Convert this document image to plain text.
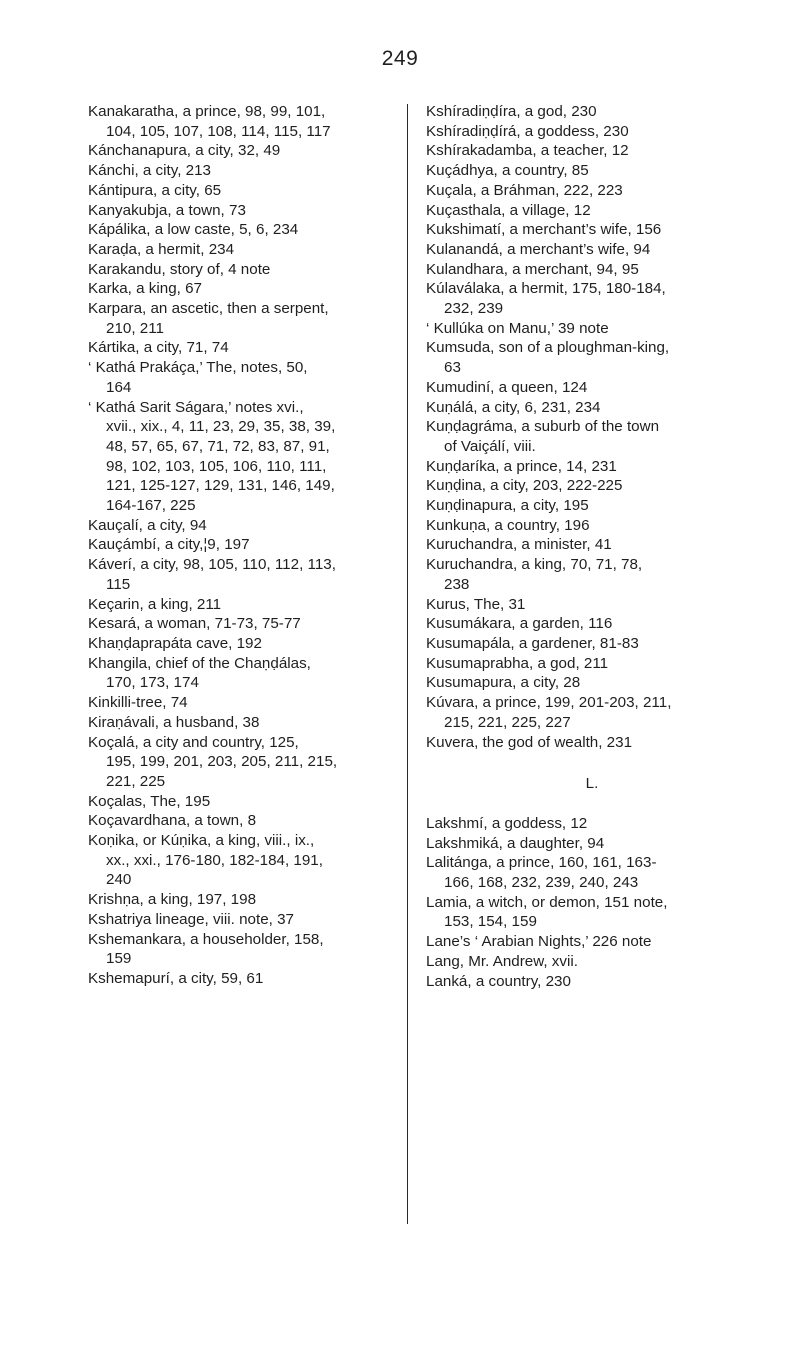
249
Kanakaratha, a prince, 98, 99, 101,
104, 105, 107, 108, 114, 115, 117
Kánchanapura, a city, 32, 49
Kánchi, a city, 213
Kántipura, a city, 65
Kanyakubja, a town, 73
Kápálika, a low caste, 5, 6, 234
Karaḍa, a hermit, 234
Karakandu, story of, 4 note
Karka, a king, 67
Karpara, an ascetic, then a serpent,
210, 211
Kártika, a city, 71, 74
‘ Kathá Prakáça,’ The, notes, 50,
164
‘ Kathá Sarit Ságara,’ notes xvi.,
xvii., xix., 4, 11, 23, 29, 35, 38, 39,
48, 57, 65, 67, 71, 72, 83, 87, 91,
98, 102, 103, 105, 106, 110, 111,
121, 125-127, 129, 131, 146, 149,
164-167, 225
Kauçalí, a city, 94
Kauçámbí, a city,¦9, 197
Káverí, a city, 98, 105, 110, 112, 113,
115
Keçarin, a king, 211
Kesará, a woman, 71-73, 75-77
Khaṇḍaprapáta cave, 192
Khangila, chief of the Chaṇḍálas,
170, 173, 174
Kinkilli-tree, 74
Kiraṇávali, a husband, 38
Koçalá, a city and country, 125,
195, 199, 201, 203, 205, 211, 215,
221, 225
Koçalas, The, 195
Koçavardhana, a town, 8
Koṇika, or Kúṇika, a king, viii., ix.,
xx., xxi., 176-180, 182-184, 191,
240
Krishṇa, a king, 197, 198
Kshatriya lineage, viii. note, 37
Kshemankara, a householder, 158,
159
Kshemapurí, a city, 59, 61
Kshíradiṇḍíra, a god, 230
Kshíradiṇḍírá, a goddess, 230
Kshírakadamba, a teacher, 12
Kuçádhya, a country, 85
Kuçala, a Bráhman, 222, 223
Kuçasthala, a village, 12
Kukshimatí, a merchant’s wife, 156
Kulanandá, a merchant’s wife, 94
Kulandhara, a merchant, 94, 95
Kúlaválaka, a hermit, 175, 180-184,
232, 239
‘ Kullúka on Manu,’ 39 note
Kumsuda, son of a ploughman-king,
63
Kumudiní, a queen, 124
Kuṇálá, a city, 6, 231, 234
Kuṇḍagráma, a suburb of the town
of Vaiçálí, viii.
Kuṇḍaríka, a prince, 14, 231
Kuṇḍina, a city, 203, 222-225
Kuṇḍinapura, a city, 195
Kunkuṇa, a country, 196
Kuruchandra, a minister, 41
Kuruchandra, a king, 70, 71, 78,
238
Kurus, The, 31
Kusumákara, a garden, 116
Kusumapála, a gardener, 81-83
Kusumaprabha, a god, 211
Kusumapura, a city, 28
Kúvara, a prince, 199, 201-203, 211,
215, 221, 225, 227
Kuvera, the god of wealth, 231
L.
Lakshmí, a goddess, 12
Lakshmiká, a daughter, 94
Lalitánga, a prince, 160, 161, 163-
166, 168, 232, 239, 240, 243
Lamia, a witch, or demon, 151 note,
153, 154, 159
Lane’s ‘ Arabian Nights,’ 226 note
Lang, Mr. Andrew, xvii.
Lanká, a country, 230
